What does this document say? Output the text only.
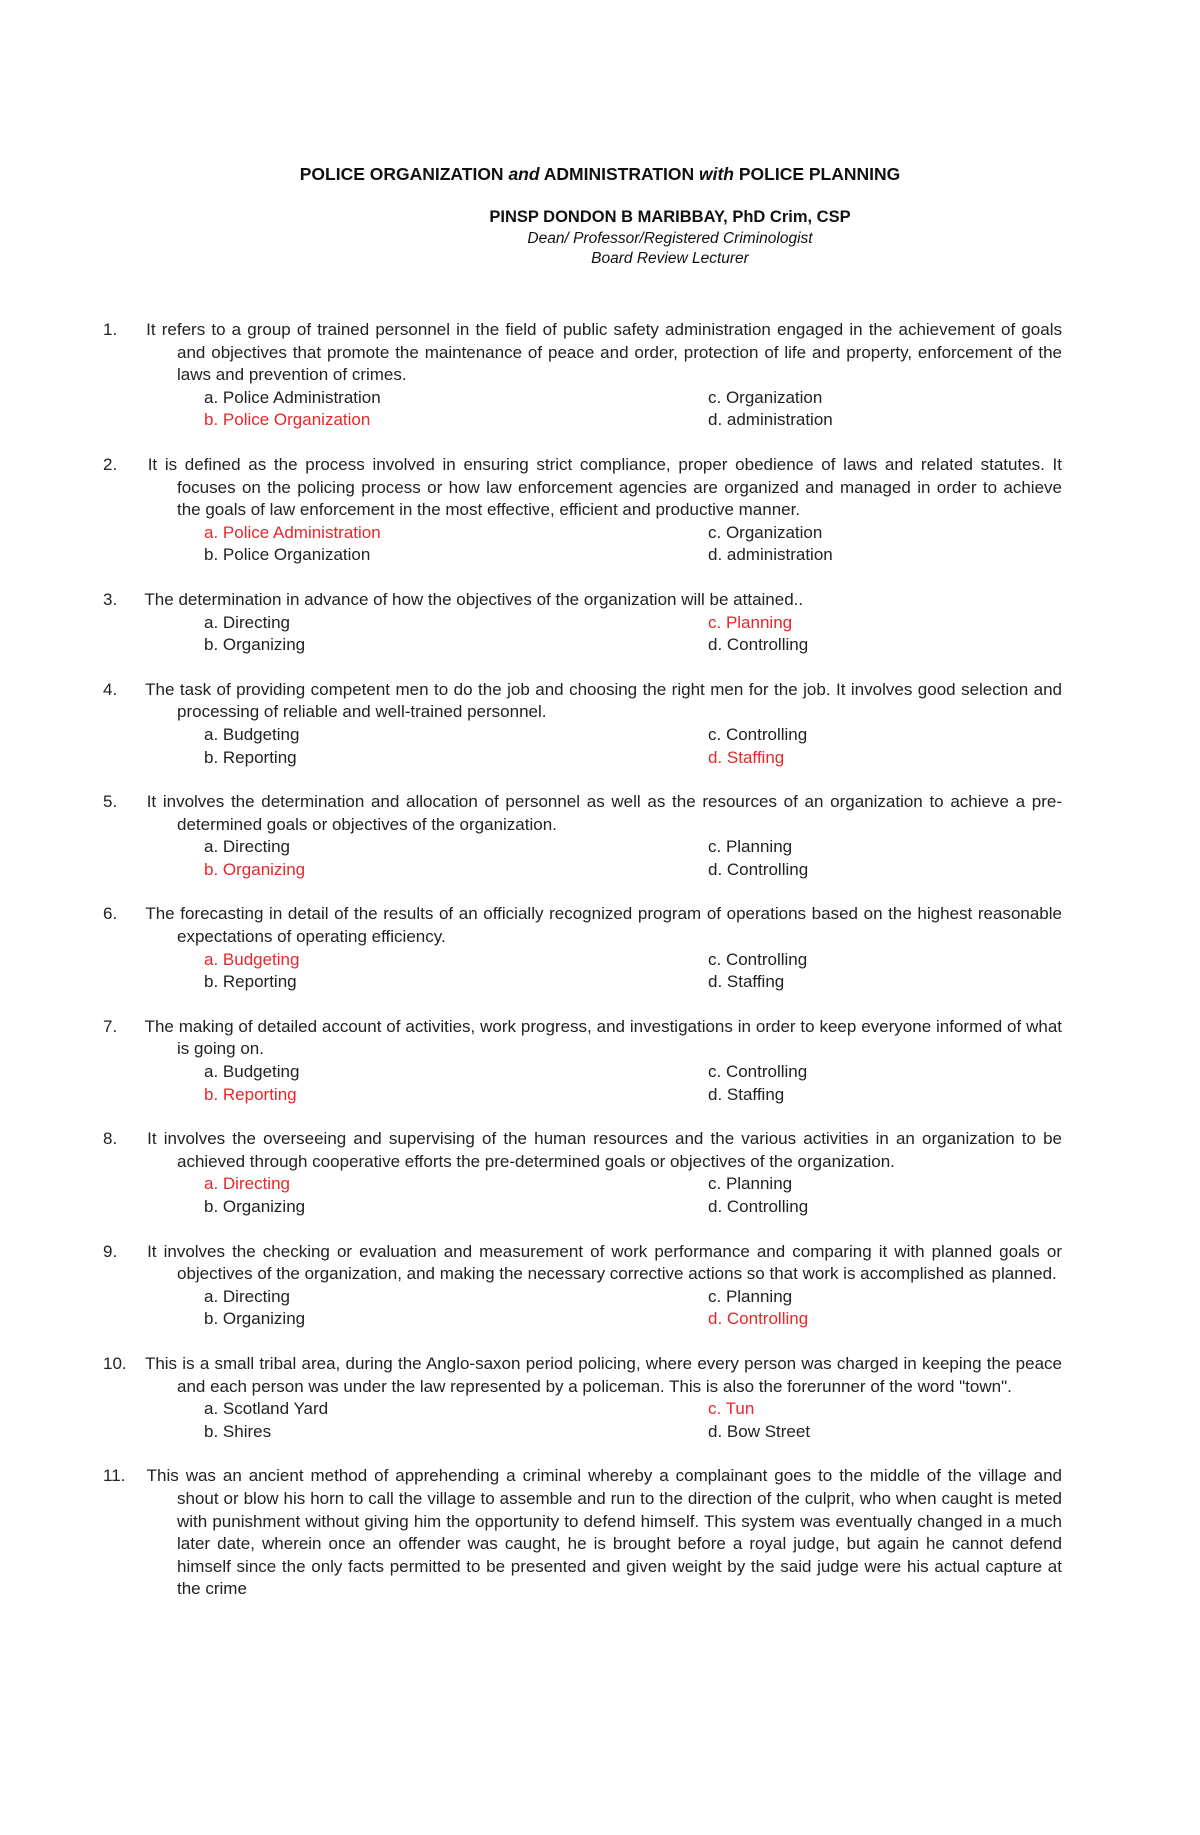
POLICE ORGANIZATION and ADMINISTRATION with POLICE PLANNING
PINSP DONDON B MARIBBAY, PhD Crim, CSP
Dean/ Professor/Registered Criminologist
Board Review Lecturer

1. It refers to a group of trained personnel in the field of public safety administration engaged in the achievement of goals and objectives that promote the maintenance of peace and order, protection of life and property, enforcement of the laws and prevention of crimes.

a. Police Administration	c. Organization
b. Police Organization	d. administration

2. It is defined as the process involved in ensuring strict compliance, proper obedience of laws and related statutes. It focuses on the policing process or how law enforcement agencies are organized and managed in order to achieve the goals of law enforcement in the most effective, efficient and productive manner.

a. Police Administration	c. Organization
b. Police Organization	d. administration

3. The determination in advance of how the objectives of the organization will be attained..

a. Directing	c. Planning
b. Organizing	d. Controlling

4. The task of providing competent men to do the job and choosing the right men for the job. It involves good selection and processing of reliable and well-trained personnel.

a. Budgeting	c. Controlling
b. Reporting	d. Staffing

5. It involves the determination and allocation of personnel as well as the resources of an organization to achieve a pre-determined goals or objectives of the organization.

a. Directing	c. Planning
b. Organizing	d. Controlling

6. The forecasting in detail of the results of an officially recognized program of operations based on the highest reasonable expectations of operating efficiency.

a. Budgeting	c. Controlling
b. Reporting	d. Staffing

7. The making of detailed account of activities, work progress, and investigations in order to keep everyone informed of what is going on.

a. Budgeting	c. Controlling
b. Reporting	d. Staffing

8. It involves the overseeing and supervising of the human resources and the various activities in an organization to be achieved through cooperative efforts the pre-determined goals or objectives of the organization.

a. Directing	c. Planning
b. Organizing	d. Controlling

9. It involves the checking or evaluation and measurement of work performance and comparing it with planned goals or objectives of the organization, and making the necessary corrective actions so that work is accomplished as planned.

a. Directing	c. Planning
b. Organizing	d. Controlling

10. This is a small tribal area, during the Anglo-saxon period policing, where every person was charged in keeping the peace and each person was under the law represented by a policeman. This is also the forerunner of the word "town".

a. Scotland Yard	c. Tun
b. Shires	d. Bow Street

11. This was an ancient method of apprehending a criminal whereby a complainant goes to the middle of the village and shout or blow his horn to call the village to assemble and run to the direction of the culprit, who when caught is meted with punishment without giving him the opportunity to defend himself. This system was eventually changed in a much later date, wherein once an offender was caught, he is brought before a royal judge, but again he cannot defend himself since the only facts permitted to be presented and given weight by the said judge were his actual capture at the crime
